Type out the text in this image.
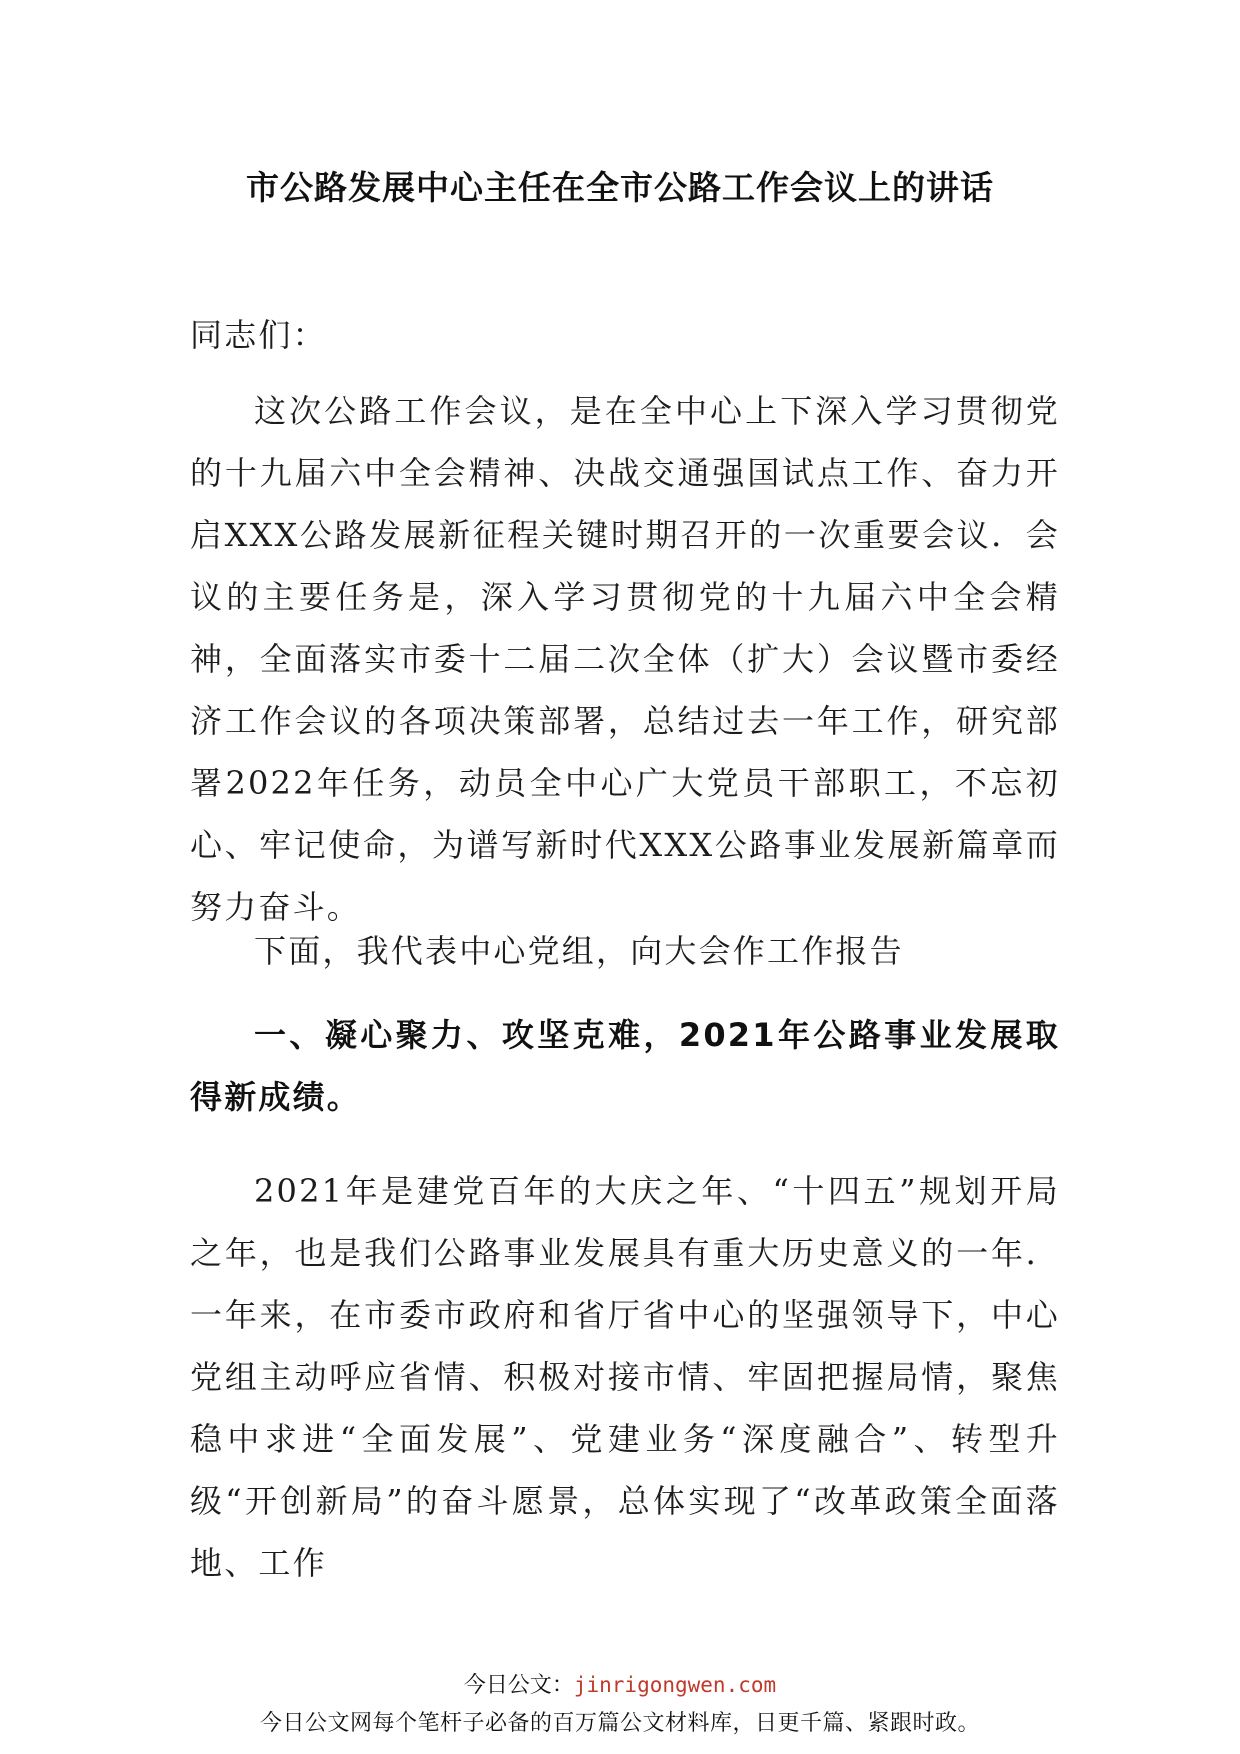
市公路发展中心主任在全市公路工作会议上的讲话
同志们：
这次公路工作会议，是在全中心上下深入学习贯彻党的十九届六中全会精神、决战交通强国试点工作、奋力开启XXX公路发展新征程关键时期召开的一次重要会议．会议的主要任务是，深入学习贯彻党的十九届六中全会精神，全面落实市委十二届二次全体（扩大）会议暨市委经济工作会议的各项决策部署，总结过去一年工作，研究部署2022年任务，动员全中心广大党员干部职工，不忘初心、牢记使命，为谱写新时代XXX公路事业发展新篇章而努力奋斗。
下面，我代表中心党组，向大会作工作报告
一、凝心聚力、攻坚克难，2021年公路事业发展取得新成绩。
2021年是建党百年的大庆之年、“十四五”规划开局之年，也是我们公路事业发展具有重大历史意义的一年．一年来，在市委市政府和省厅省中心的坚强领导下，中心党组主动呼应省情、积极对接市情、牢固把握局情，聚焦稳中求进“全面发展”、党建业务“深度融合”、转型升级“开创新局”的奋斗愿景，总体实现了“改革政策全面落地、工作
今日公文：jinrigongwen.com
今日公文网每个笔杆子必备的百万篇公文材料库，日更千篇、紧跟时政。
